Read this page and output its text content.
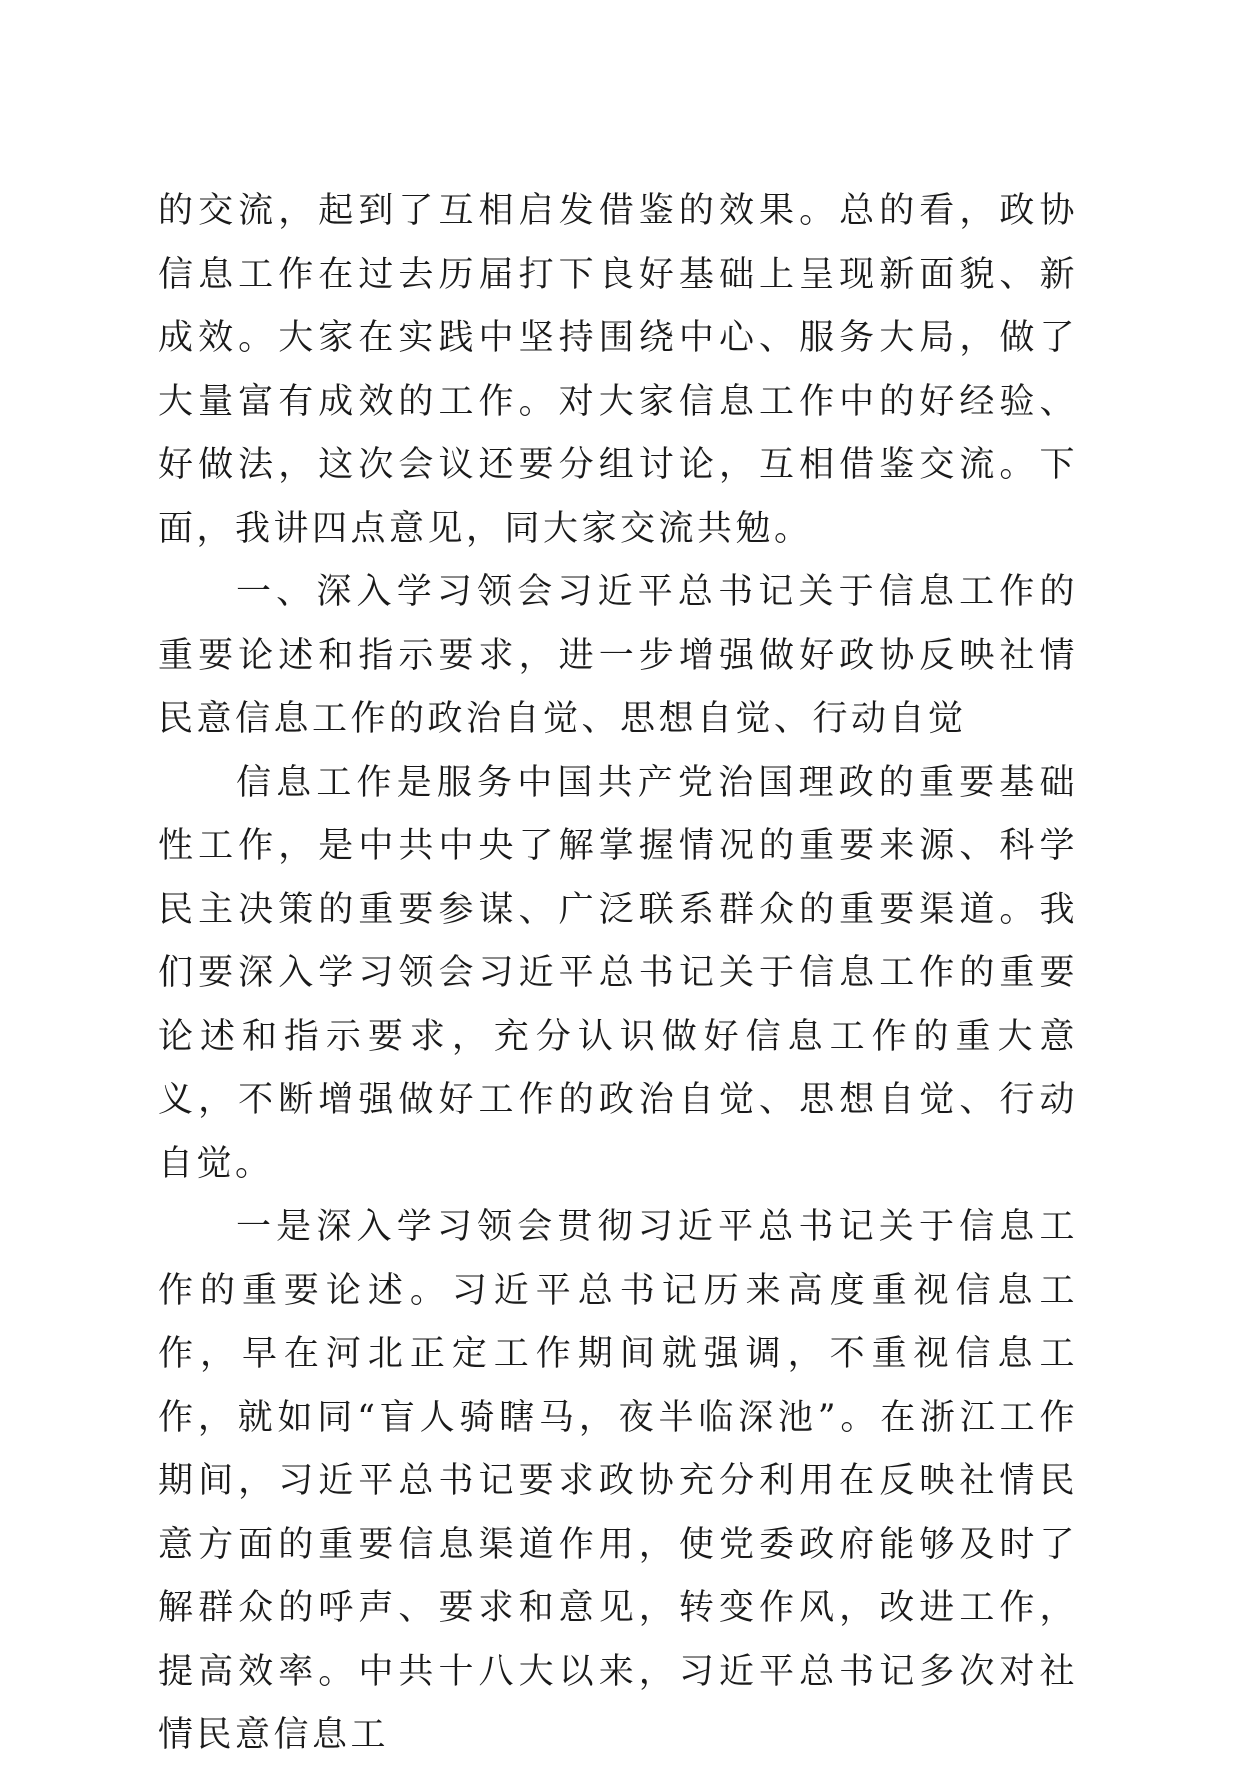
的交流，起到了互相启发借鉴的效果。总的看，政协信息工作在过去历届打下良好基础上呈现新面貌、新成效。大家在实践中坚持围绕中心、服务大局，做了大量富有成效的工作。对大家信息工作中的好经验、好做法，这次会议还要分组讨论，互相借鉴交流。下面，我讲四点意见，同大家交流共勉。

一、深入学习领会习近平总书记关于信息工作的重要论述和指示要求，进一步增强做好政协反映社情民意信息工作的政治自觉、思想自觉、行动自觉

信息工作是服务中国共产党治国理政的重要基础性工作，是中共中央了解掌握情况的重要来源、科学民主决策的重要参谋、广泛联系群众的重要渠道。我们要深入学习领会习近平总书记关于信息工作的重要论述和指示要求，充分认识做好信息工作的重大意义，不断增强做好工作的政治自觉、思想自觉、行动自觉。

一是深入学习领会贯彻习近平总书记关于信息工作的重要论述。习近平总书记历来高度重视信息工作，早在河北正定工作期间就强调，不重视信息工作，就如同“盲人骑瞎马，夜半临深池”。在浙江工作期间，习近平总书记要求政协充分利用在反映社情民意方面的重要信息渠道作用，使党委政府能够及时了解群众的呼声、要求和意见，转变作风，改进工作，提高效率。中共十八大以来，习近平总书记多次对社情民意信息工
